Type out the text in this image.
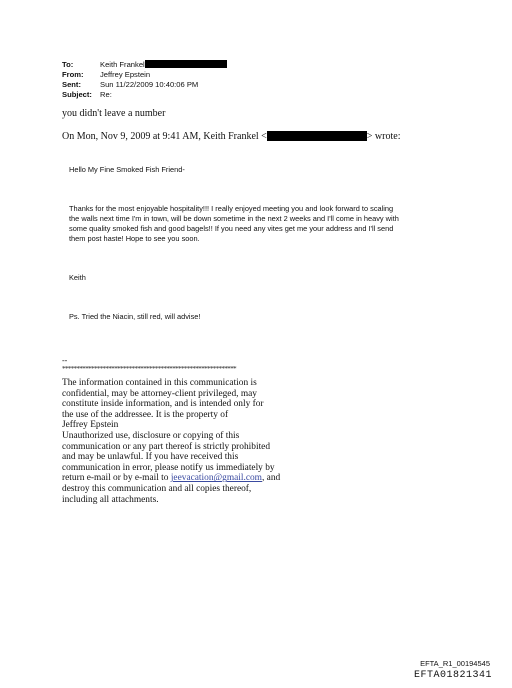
To:	Keith Frankel
From:	Jeffrey Epstein
Sent:	Sun 11/22/2009 10:40:06 PM
Subject:	Re:
you didn't leave a number
On Mon, Nov 9, 2009 at 9:41 AM, Keith Frankel <	> wrote:
Hello My Fine Smoked Fish Friend-
Thanks for the most enjoyable hospitality!!! I really enjoyed meeting you and look forward to scaling
the walls next time I'm in town, will be down sometime in the next 2 weeks and I'll come in heavy with
some quality smoked fish and good bagels!! If you need any vites get me your address and I'll send
them post haste! Hope to see you soon.
Keith
Ps. Tried the Niacin, still red, will advise!
--
************************************************************
The information contained in this communication is
confidential, may be attorney-client privileged, may
constitute inside information, and is intended only for
the use of the addressee. It is the property of
Jeffrey Epstein
Unauthorized use, disclosure or copying of this
communication or any part thereof is strictly prohibited
and may be unlawful. If you have received this
communication in error, please notify us immediately by
return e-mail or by e-mail to jeevacation@gmail.com, and
destroy this communication and all copies thereof,
including all attachments.
EFTA_R1_00194545
EFTA01821341
